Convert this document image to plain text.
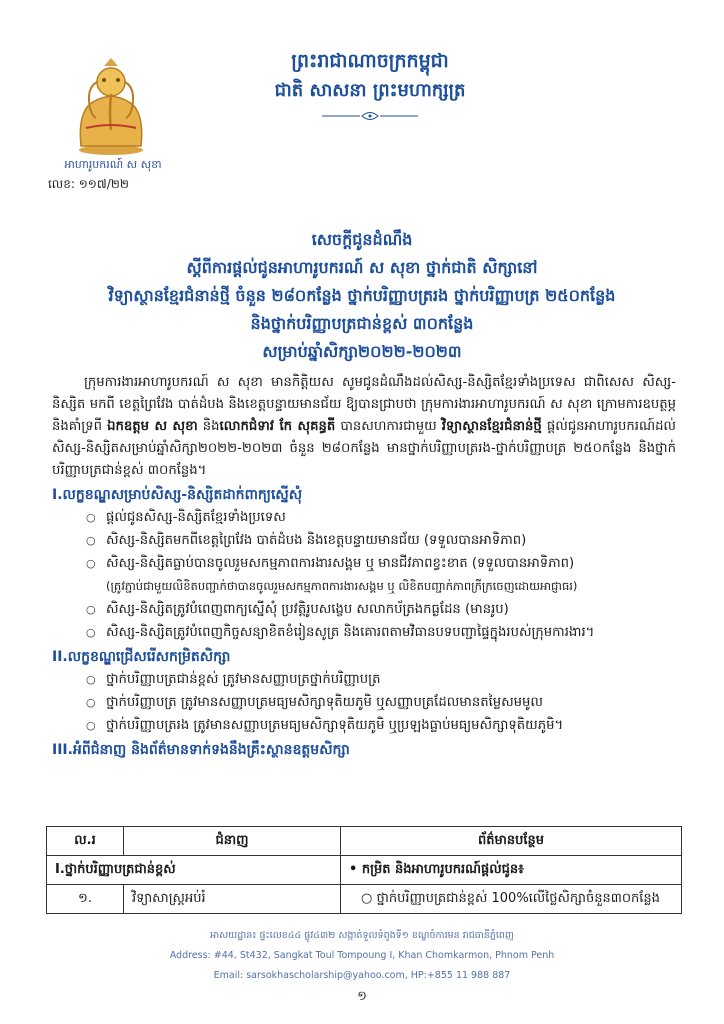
អាហារូបករណ៍ ស សុខា
លេខ: ១១៧/២២
ព្រះរាជាណាចក្រកម្ពុជា
ជាតិ សាសនា ព្រះមហាក្សត្រ
សេចក្តីជូនដំណឹង
ស្តីពីការផ្តល់ជូនអាហារូបករណ៍ ស សុខា ថ្នាក់ជាតិ សិក្សានៅ
វិទ្យាស្ថានខ្មែរជំនាន់ថ្មី ចំនួន ២៨០កន្លែង ថ្នាក់បរិញ្ញាបត្ររង ថ្នាក់បរិញ្ញាបត្រ ២៥០កន្លែង
និងថ្នាក់បរិញ្ញាបត្រជាន់ខ្ពស់ ៣០កន្លែង
សម្រាប់ឆ្នាំសិក្សា២០២២-២០២៣
ក្រុមការងារអាហារូបករណ៍ ស សុខា មានកិត្តិយស សូមជូនដំណឹងដល់សិស្ស-និស្សិតខ្មែរទាំងប្រទេស ជាពិសេស សិស្ស-និស្សិត មកពី ខេត្តព្រៃវែង បាត់ដំបង និងខេត្តបន្ទាយមានជ័យ ឱ្យបានជ្រាបថា ក្រុមការងារអាហារូបករណ៍ ស សុខា ក្រោមការឧបត្ថម្ភ និងគាំទ្រពី ឯកឧត្តម ស សុខា និងលោកជំទាវ កែ សុគន្ធតី បានសហការជាមួយ វិទ្យាស្ថានខ្មែរជំនាន់ថ្មី ផ្តល់ជូនអាហារូបករណ៍ដល់សិស្ស-និស្សិតសម្រាប់ឆ្នាំសិក្សា២០២២-២០២៣ ចំនួន ២៨០កន្លែង មានថ្នាក់បរិញ្ញាបត្ររង-ថ្នាក់បរិញ្ញាបត្រ ២៥០កន្លែង និងថ្នាក់បរិញ្ញាបត្រជាន់ខ្ពស់ ៣០កន្លែង។
I.លក្ខខណ្ឌសម្រាប់សិស្ស-និស្សិតដាក់ពាក្យស្នើសុំ
○ ផ្តល់ជូនសិស្ស-និស្សិតខ្មែរទាំងប្រទេស
○ សិស្ស-និស្សិតមកពីខេត្តព្រៃវែង បាត់ដំបង និងខេត្តបន្ទាយមានជ័យ (ទទួលបានអាទិភាព)
○ សិស្ស-និស្សិតធ្លាប់បានចូលរួមសកម្មភាពការងារសង្គម ឬ មានជីវភាពខ្វះខាត (ទទួលបានអាទិភាព)
(ត្រូវភ្ជាប់ជាមួយលិខិតបញ្ជាក់ថាបានចូលរួមសកម្មភាពការងារសង្គម ឬ លិខិតបញ្ជាក់ភាពក្រីក្រចេញដោយអាជ្ញាធរ)
○ សិស្ស-និស្សិតត្រូវបំពេញពាក្យស្នើសុំ ប្រវត្តិរូបសង្ខេប សលាកប័ត្រងកធ្ងដែន (មានរូប)
○ សិស្ស-និស្សិតត្រូវបំពេញកិច្ចសន្យាខិតខំរៀនសូត្រ និងគោរពតាមវិធានបទបញ្ជាផ្ទៃក្នុងរបស់ក្រុមការងារ។
II.លក្ខខណ្ឌជ្រើសរើសកម្រិតសិក្សា
○ ថ្នាក់បរិញ្ញាបត្រជាន់ខ្ពស់ ត្រូវមានសញ្ញាបត្រថ្នាក់បរិញ្ញាបត្រ
○ ថ្នាក់បរិញ្ញាបត្រ ត្រូវមានសញ្ញាបត្រមធ្យមសិក្សាទុតិយភូមិ ឬសញ្ញាបត្រដែលមានតម្លៃសមមូល
○ ថ្នាក់បរិញ្ញាបត្ររង ត្រូវមានសញ្ញាបត្រមធ្យមសិក្សាទុតិយភូមិ ឬប្រឡងធ្លាប់មធ្យមសិក្សាទុតិយភូមិ។
III.អំពីជំនាញ និងព័ត៌មានទាក់ទងនឹងគ្រឹះស្ថានឧត្តមសិក្សា
ល.រ	ជំនាញ	ព័ត៌មានបន្ថែម
I.ថ្នាក់បរិញ្ញាបត្រជាន់ខ្ពស់		• កម្រិត និងអាហារូបករណ៍ផ្តល់ជូន៖
១.	វិទ្យាសាស្ត្រអប់រំ	○ ថ្នាក់បរិញ្ញាបត្រជាន់ខ្ពស់ 100%លើថ្លៃសិក្សាចំនួន៣០កន្លែង
អាសយដ្ឋាន៖ ផ្ទះលេខ៤៤ ផ្លូវ៤៣២ សង្កាត់ទួលទំពូងទី១ ខណ្ឌចំការមន រាជធានីភ្នំពេញ
Address: #44, St432, Sangkat Toul Tompoung I, Khan Chomkarmon, Phnom Penh
Email: sarsokhascholarship@yahoo.com, HP:+855 11 988 887
១
